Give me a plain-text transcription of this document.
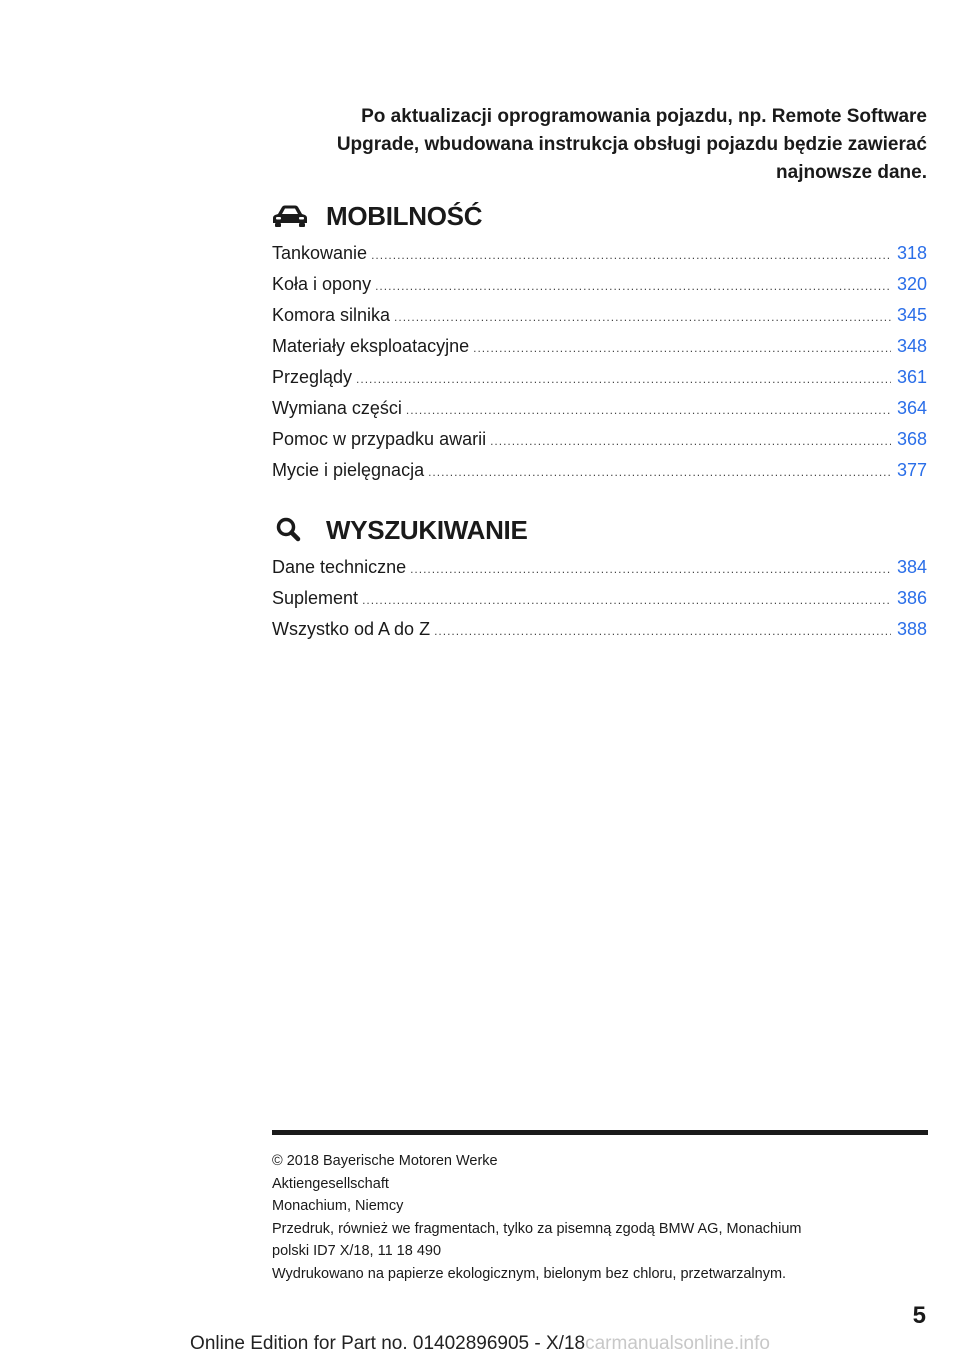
Po aktualizacji oprogramowania pojazdu, np. Remote Software
Upgrade, wbudowana instrukcja obsługi pojazdu będzie zawierać
najnowsze dane.
MOBILNOŚĆ
Tankowanie .....	318
Koła i opony .....	320
Komora silnika .....	345
Materiały eksploatacyjne .....	348
Przeglądy .....	361
Wymiana części .....	364
Pomoc w przypadku awarii .....	368
Mycie i pielęgnacja .....	377
WYSZUKIWANIE
Dane techniczne .....	384
Suplement .....	386
Wszystko od A do Z .....	388
© 2018 Bayerische Motoren Werke
Aktiengesellschaft
Monachium, Niemcy
Przedruk, również we fragmentach, tylko za pisemną zgodą BMW AG, Monachium
polski ID7 X/18, 11 18 490
Wydrukowano na papierze ekologicznym, bielonym bez chloru, przetwarzalnym.
5
Online Edition for Part no. 01402896905 - X/18carmanualsonline.info
